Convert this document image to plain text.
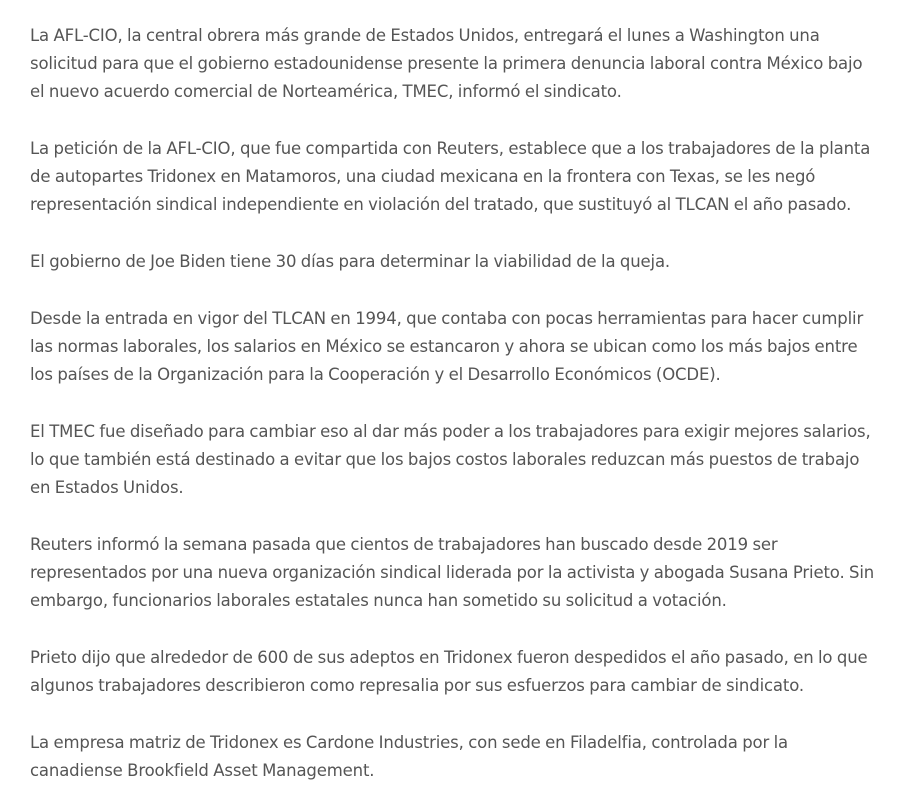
La AFL-CIO, la central obrera más grande de Estados Unidos, entregará el lunes a Washington una solicitud para que el gobierno estadounidense presente la primera denuncia laboral contra México bajo el nuevo acuerdo comercial de Norteamérica, TMEC, informó el sindicato.

La petición de la AFL-CIO, que fue compartida con Reuters, establece que a los trabajadores de la planta de autopartes Tridonex en Matamoros, una ciudad mexicana en la frontera con Texas, se les negó representación sindical independiente en violación del tratado, que sustituyó al TLCAN el año pasado.

El gobierno de Joe Biden tiene 30 días para determinar la viabilidad de la queja.

Desde la entrada en vigor del TLCAN en 1994, que contaba con pocas herramientas para hacer cumplir las normas laborales, los salarios en México se estancaron y ahora se ubican como los más bajos entre los países de la Organización para la Cooperación y el Desarrollo Económicos (OCDE).

El TMEC fue diseñado para cambiar eso al dar más poder a los trabajadores para exigir mejores salarios, lo que también está destinado a evitar que los bajos costos laborales reduzcan más puestos de trabajo en Estados Unidos.

Reuters informó la semana pasada que cientos de trabajadores han buscado desde 2019 ser representados por una nueva organización sindical liderada por la activista y abogada Susana Prieto. Sin embargo, funcionarios laborales estatales nunca han sometido su solicitud a votación.

Prieto dijo que alrededor de 600 de sus adeptos en Tridonex fueron despedidos el año pasado, en lo que algunos trabajadores describieron como represalia por sus esfuerzos para cambiar de sindicato.

La empresa matriz de Tridonex es Cardone Industries, con sede en Filadelfia, controlada por la canadiense Brookfield Asset Management.
